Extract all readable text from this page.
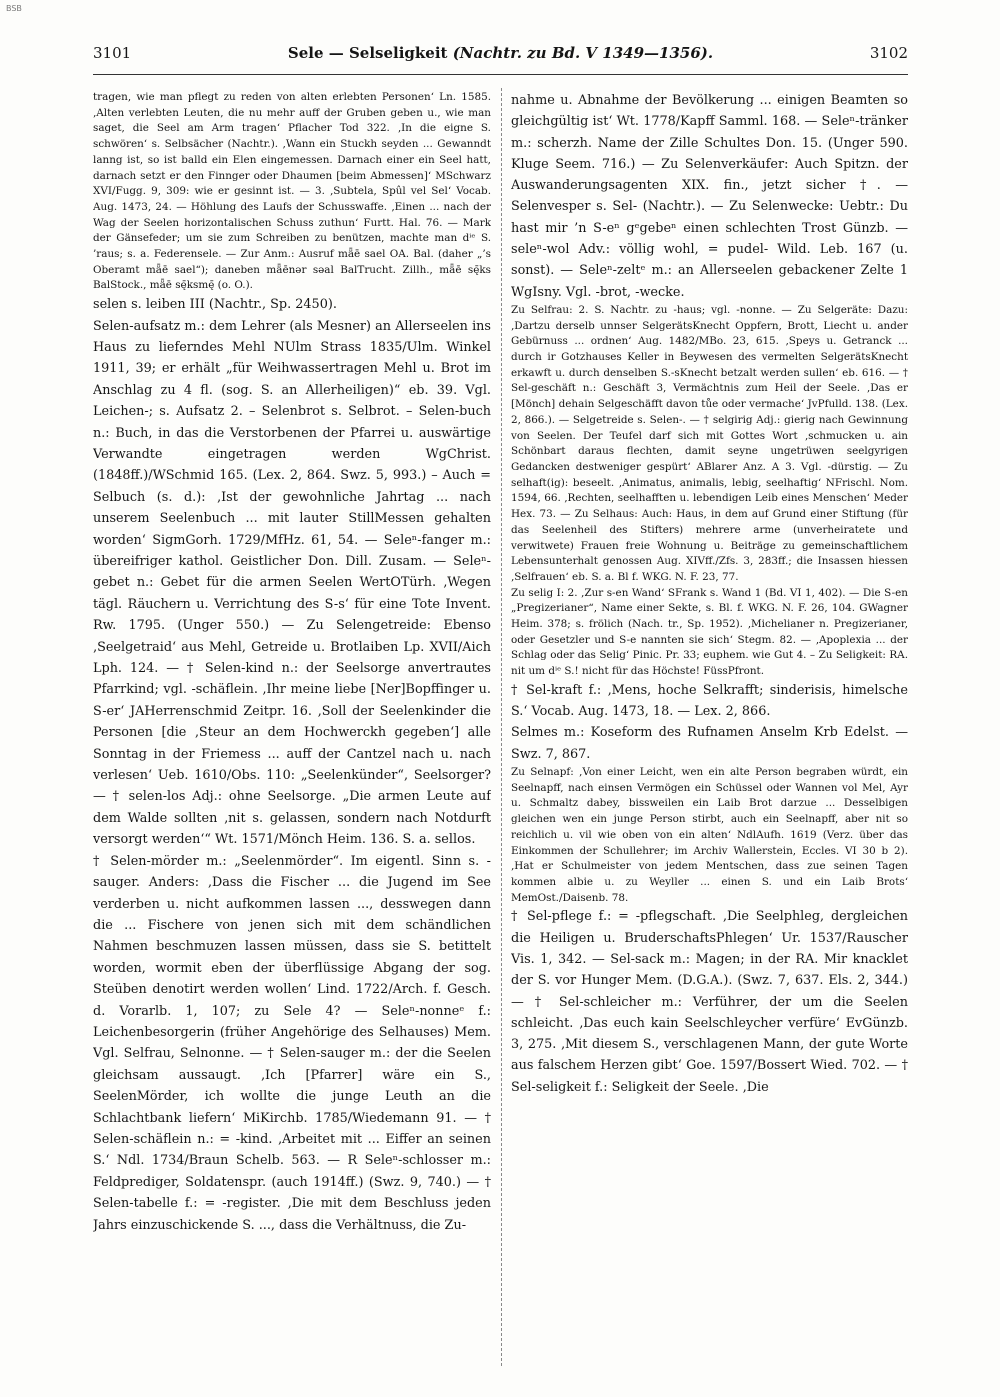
BSB
3101	Sele — Selseligkeit (Nachtr. zu Bd. V 1349—1356).	3102

tragen, wie man pflegt zu reden von alten erlebten Personen‘ Ln. 1585. ‚Alten verlebten Leuten, die nu mehr auff der Gruben geben u., wie man saget, die Seel am Arm tragen‘ Pflacher Tod 322. ‚In die eigne S. schwören‘ s. Selbsächer (Nachtr.). ‚Wann ein Stuckh seyden ... Gewanndt lanng ist, so ist balld ein Elen eingemessen. Darnach einer ein Seel hatt, darnach setzt er den Finnger oder Dhaumen [beim Abmessen]‘ MSchwarz XVI/Fugg. 9, 309: wie er gesinnt ist. — 3. ‚Subtela, Spûl vel Sel‘ Vocab. Aug. 1473, 24. — Höhlung des Laufs der Schusswaffe. ‚Einen ... nach der Wag der Seelen horizontalischen Schuss zuthun‘ Furtt. Hal. 76. — Mark der Gänsefeder; um sie zum Schreiben zu benützen, machte man dⁱᵉ S. ’raus; s. a. Federensele. — Zur Anm.: Ausruf mǟē sael OA. Bal. (daher „’s Oberamt mǟē sael“); daneben mǟēnər səal BalTrucht. Zillh., mǟē sę̄ks BalStock., mǟē sę̄ksmę̄ (o. O.).

selen s. leiben III (Nachtr., Sp. 2450).

Selen-aufsatz m.: dem Lehrer (als Mesner) an Allerseelen ins Haus zu lieferndes Mehl NUlm Strass 1835/Ulm. Winkel 1911, 39; er erhält „für Weihwassertragen Mehl u. Brot im Anschlag zu 4 fl. (sog. S. an Allerheiligen)“ eb. 39. Vgl. Leichen-; s. Aufsatz 2. – Selenbrot s. Selbrot. – Selen-buch n.: Buch, in das die Verstorbenen der Pfarrei u. auswärtige Verwandte eingetragen werden WgChrist. (1848ff.)/WSchmid 165. (Lex. 2, 864. Swz. 5, 993.) – Auch = Selbuch (s. d.): ‚Ist der gewohnliche Jahrtag ... nach unserem Seelenbuch ... mit lauter StillMessen gehalten worden‘ SigmGorh. 1729/MfHz. 61, 54. — Seleⁿ-fanger m.: übereifriger kathol. Geistlicher Don. Dill. Zusam. — Seleⁿ-gebet n.: Gebet für die armen Seelen WertOTürh. ‚Wegen tägl. Räuchern u. Verrichtung des S-s‘ für eine Tote Invent. Rw. 1795. (Unger 550.) — Zu Selengetreide: Ebenso ‚Seelgetraid‘ aus Mehl, Getreide u. Brotlaiben Lp. XVII/Aich Lph. 124. — † Selen-kind n.: der Seelsorge anvertrautes Pfarrkind; vgl. -schäflein. ‚Ihr meine liebe [Ner]Bopffinger u. S-er‘ JAHerrenschmid Zeitpr. 16. ‚Soll der Seelenkinder die Personen [die ‚Steur an dem Hochwerckh gegeben‘] alle Sonntag in der Friemess ... auff der Cantzel nach u. nach verlesen‘ Ueb. 1610/Obs. 110: „Seelenkünder“, Seelsorger? — † selen-los Adj.: ohne Seelsorge. „Die armen Leute auf dem Walde sollten ‚nit s. gelassen, sondern nach Notdurft versorgt werden‘“ Wt. 1571/Mönch Heim. 136. S. a. sellos.

† Selen-mörder m.: „Seelenmörder“. Im eigentl. Sinn s. -sauger. Anders: ‚Dass die Fischer ... die Jugend im See verderben u. nicht aufkommen lassen ..., desswegen dann die ... Fischere von jenen sich mit dem schändlichen Nahmen beschmuzen lassen müssen, dass sie S. betittelt worden, wormit eben der überflüssige Abgang der sog. Steüben denotirt werden wollen‘ Lind. 1722/Arch. f. Gesch. d. Vorarlb. 1, 107; zu Sele 4? — Seleⁿ-nonneᵉ f.: Leichenbesorgerin (früher Angehörige des Selhauses) Mem. Vgl. Selfrau, Selnonne. — † Selen-sauger m.: der die Seelen gleichsam aussaugt. ‚Ich [Pfarrer] wäre ein S., SeelenMörder, ich wollte die junge Leuth an die Schlachtbank liefern‘ MiKirchb. 1785/Wiedemann 91. — † Selen-schäflein n.: = -kind. ‚Arbeitet mit ... Eiffer an seinen S.‘ Ndl. 1734/Braun Schelb. 563. — R Seleⁿ-schlosser m.: Feldprediger, Soldatenspr. (auch 1914ff.) (Swz. 9, 740.) — † Selen-tabelle f.: = -register. ‚Die mit dem Beschluss jeden Jahrs einzuschickende S. ..., dass die Verhältnuss, die Zu-

nahme u. Abnahme der Bevölkerung ... einigen Beamten so gleichgültig ist‘ Wt. 1778/Kapff Samml. 168. — Seleⁿ-tränker m.: scherzh. Name der Zille Schultes Don. 15. (Unger 590. Kluge Seem. 716.) — Zu Selenverkäufer: Auch Spitzn. der Auswanderungsagenten XIX. fin., jetzt sicher †. — Selenvesper s. Sel- (Nachtr.). — Zu Selenwecke: Uebtr.: Du hast mir ’n S-eⁿ gᵉgebeⁿ einen schlechten Trost Günzb. — seleⁿ-wol Adv.: völlig wohl, = pudel- Wild. Leb. 167 (u. sonst). — Seleⁿ-zeltᵉ m.: an Allerseelen gebackener Zelte 1 WgIsny. Vgl. -brot, -wecke.

Zu Selfrau: 2. S. Nachtr. zu -haus; vgl. -nonne. — Zu Selgeräte: Dazu: ‚Dartzu derselb unnser SelgerätsKnecht Oppfern, Brott, Liecht u. ander Gebürnuss ... ordnen‘ Aug. 1482/MBo. 23, 615. ‚Speys u. Getranck ... durch ir Gotzhauses Keller in Beywesen des vermelten SelgerätsKnecht erkawft u. durch denselben S.-sKnecht betzalt werden sullen‘ eb. 616. — † Sel-geschäft n.: Geschäft 3, Vermächtnis zum Heil der Seele. ‚Das er [Mönch] dehain Selgeschäfft davon tůe oder vermache‘ JvPfulld. 138. (Lex. 2, 866.). — Selgetreide s. Selen-. — † selgirig Adj.: gierig nach Gewinnung von Seelen. Der Teufel darf sich mit Gottes Wort ‚schmucken u. ain Schönbart daraus flechten, damit seyne ungetrüwen seelgyrigen Gedancken destweniger gespürt‘ ABlarer Anz. A 3. Vgl. -dürstig. — Zu selhaft(ig): beseelt. ‚Animatus, animalis, lebig, seelhaftig‘ NFrischl. Nom. 1594, 66. ‚Rechten, seelhafften u. lebendigen Leib eines Menschen‘ Meder Hex. 73. — Zu Selhaus: Auch: Haus, in dem auf Grund einer Stiftung (für das Seelenheil des Stifters) mehrere arme (unverheiratete und verwitwete) Frauen freie Wohnung u. Beiträge zu gemeinschaftlichem Lebensunterhalt genossen Aug. XIVff./Zfs. 3, 283ff.; die Insassen hiessen ‚Selfrauen‘ eb. S. a. Bl f. WKG. N. F. 23, 77.

Zu selig I: 2. ‚Zur s-en Wand‘ SFrank s. Wand 1 (Bd. VI 1, 402). — Die S-en „Pregizerianer“, Name einer Sekte, s. Bl. f. WKG. N. F. 26, 104. GWagner Heim. 378; s. frölich (Nach. tr., Sp. 1952). ‚Michelianer n. Pregizerianer, oder Gesetzler und S-e nannten sie sich‘ Stegm. 82. — ‚Apoplexia ... der Schlag oder das Selig‘ Pinic. Pr. 33; euphem. wie Gut 4. – Zu Seligkeit: RA. nit um dⁱᵉ S.! nicht für das Höchste! FüssPfront.

† Sel-kraft f.: ‚Mens, hoche Selkrafft; sinderisis, himelsche S.‘ Vocab. Aug. 1473, 18. — Lex. 2, 866.

Selmes m.: Koseform des Rufnamen Anselm Krb Edelst. — Swz. 7, 867.

Zu Selnapf: ‚Von einer Leicht, wen ein alte Person begraben würdt, ein Seelnapff, nach einsen Vermögen ein Schüssel oder Wannen vol Mel, Ayr u. Schmaltz dabey, bissweilen ein Laib Brot darzue ... Desselbigen gleichen wen ein junge Person stirbt, auch ein Seelnapff, aber nit so reichlich u. vil wie oben von ein alten‘ NdlAufh. 1619 (Verz. über das Einkommen der Schullehrer; im Archiv Wallerstein, Eccles. VI 30 b 2). ‚Hat er Schulmeister von jedem Mentschen, dass zue seinen Tagen kommen albie u. zu Weyller ... einen S. und ein Laib Brots‘ MemOst./Daisenb. 78.

† Sel-pflege f.: = -pflegschaft. ‚Die Seelphleg, dergleichen die Heiligen u. BruderschaftsPhlegen‘ Ur. 1537/Rauscher Vis. 1, 342. — Sel-sack m.: Magen; in der RA. Mir knacklet der S. vor Hunger Mem. (D.G.A.). (Swz. 7, 637. Els. 2, 344.) — † Sel-schleicher m.: Verführer, der um die Seelen schleicht. ‚Das euch kain Seelschleycher verfüre‘ EvGünzb. 3, 275. ‚Mit diesem S., verschlagenen Mann, der gute Worte aus falschem Herzen gibt‘ Goe. 1597/Bossert Wied. 702. — † Sel-seligkeit f.: Seligkeit der Seele. ‚Die
